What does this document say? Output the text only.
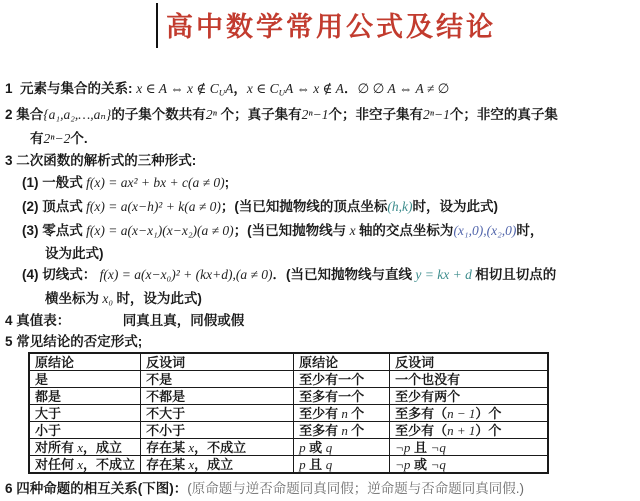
高中数学常用公式及结论
1  元素与集合的关系: x ∈ A ⇔ x ∉ CUA，x ∈ CUA ⇔ x ∉ A．∅ ∅ A ⇔ A ≠ ∅
2 集合{a₁,a₂,…,aₙ}的子集个数共有2ⁿ 个；真子集有2ⁿ−1个；非空子集有2ⁿ−1个；非空的真子集
有2ⁿ−2个.
3 二次函数的解析式的三种形式:
(1) 一般式 f(x) = ax² + bx + c(a ≠ 0);
(2) 顶点式 f(x) = a(x−h)² + k(a ≠ 0)；(当已知抛物线的顶点坐标(h,k)时，设为此式)
(3) 零点式 f(x) = a(x−x₁)(x−x₂)(a ≠ 0)；(当已知抛物线与 x 轴的交点坐标为(x₁,0),(x₂,0)时，
设为此式)
(4) 切线式： f(x) = a(x−x₀)² + (kx+d),(a ≠ 0)．(当已知抛物线与直线 y = kx + d 相切且切点的
横坐标为 x₀ 时，设为此式)
4 真值表：              同真且真，同假或假
5 常见结论的否定形式;
原结论	反设词	原结论	反设词
是	不是	至少有一个	一个也没有
都是	不都是	至多有一个	至少有两个
大于	不大于	至少有 n 个	至多有（n − 1）个
小于	不小于	至多有 n 个	至少有（n + 1）个
对所有 x，成立	存在某 x，不成立	p 或 q	¬p 且 ¬q
对任何 x，不成立	存在某 x，成立	p 且 q	¬p 或 ¬q
6 四种命题的相互关系(下图)：(原命题与逆否命题同真同假；逆命题与否命题同真同假.)
